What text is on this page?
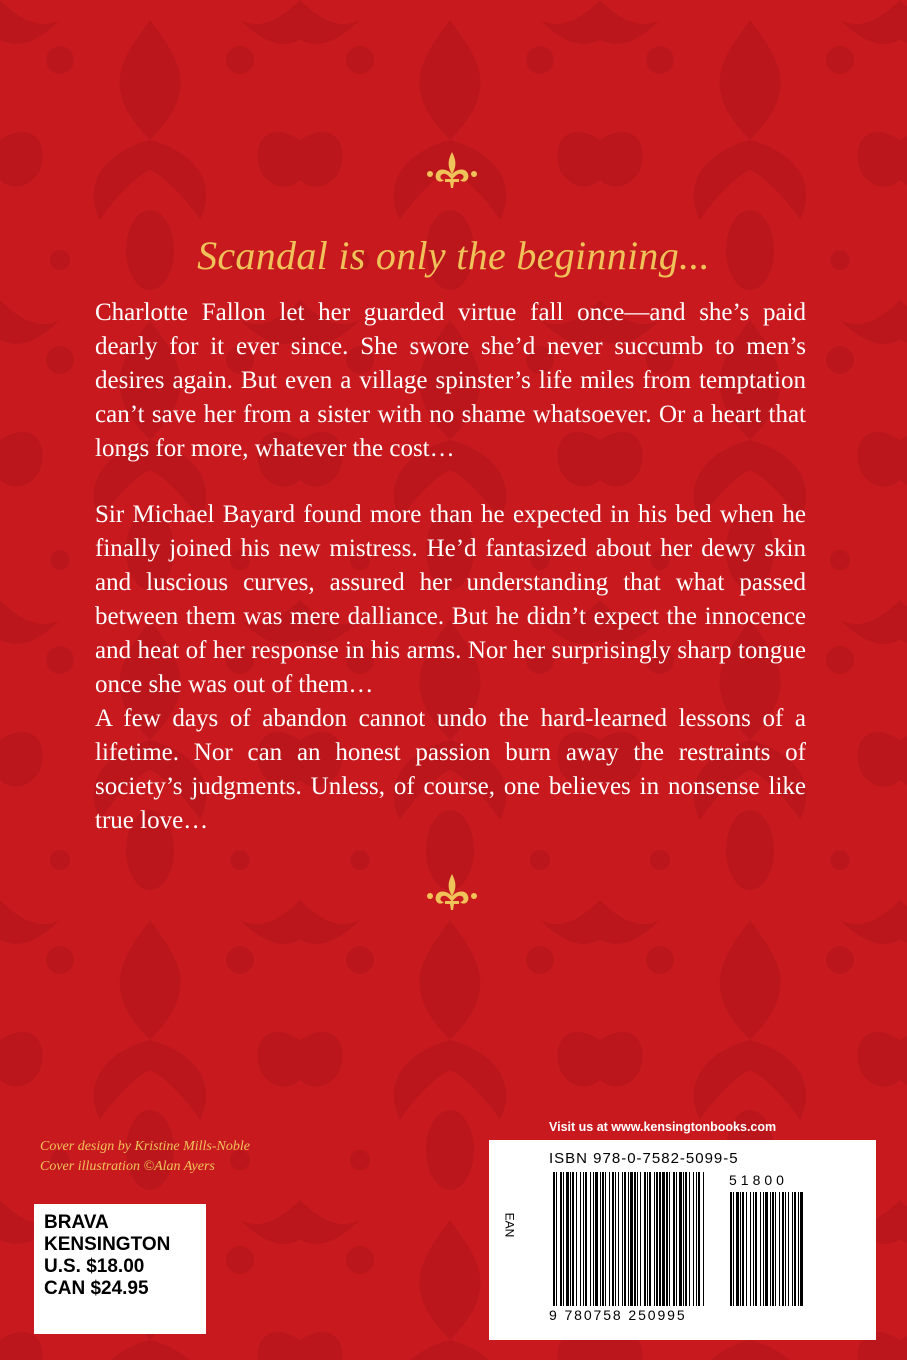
Scandal is only the beginning...

Charlotte Fallon let her guarded virtue fall once—and she’s paid dearly for it ever since. She swore she’d never succumb to men’s desires again. But even a village spinster’s life miles from temptation can’t save her from a sister with no shame whatsoever. Or a heart that longs for more, whatever the cost…

Sir Michael Bayard found more than he expected in his bed when he finally joined his new mistress. He’d fantasized about her dewy skin and luscious curves, assured her understanding that what passed between them was mere dalliance. But he didn’t expect the innocence and heat of her response in his arms. Nor her surprisingly sharp tongue once she was out of them…

A few days of abandon cannot undo the hard-learned lessons of a lifetime. Nor can an honest passion burn away the restraints of society’s judgments. Unless, of course, one believes in nonsense like true love…

Cover design by Kristine Mills-Noble
Cover illustration ©Alan Ayers
BRAVA
KENSINGTON
U.S. $18.00
CAN $24.95
Visit us at www.kensingtonbooks.com
ISBN 978-0-7582-5099-5
EAN
51800
9 780758 250995
